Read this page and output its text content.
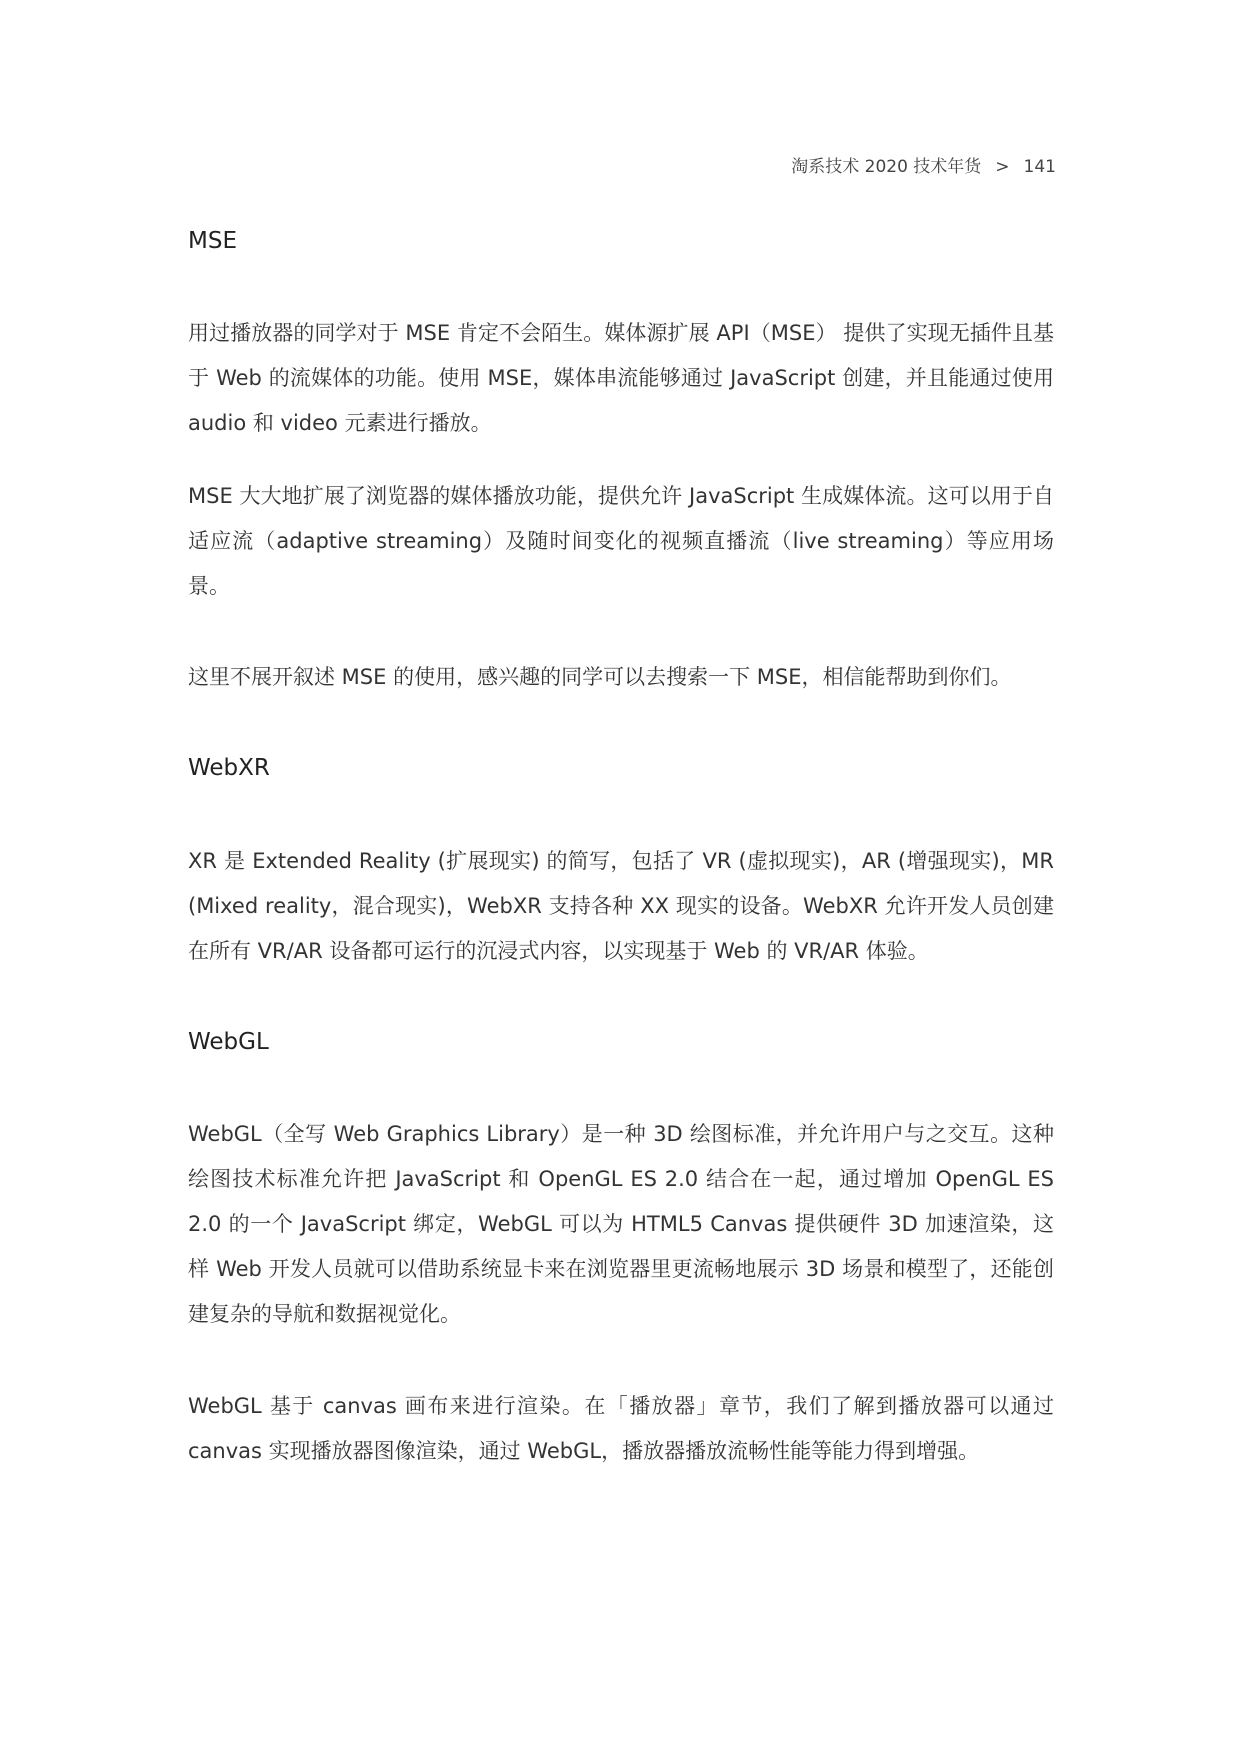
淘系技术 2020 技术年货 > 141
MSE

用过播放器的同学对于 MSE 肯定不会陌生。媒体源扩展 API（MSE） 提供了实现无插件且基于 Web 的流媒体的功能。使用 MSE，媒体串流能够通过 JavaScript 创建，并且能通过使用 audio 和 video 元素进行播放。

MSE 大大地扩展了浏览器的媒体播放功能，提供允许 JavaScript 生成媒体流。这可以用于自适应流（adaptive streaming）及随时间变化的视频直播流（live streaming）等应用场景。

这里不展开叙述 MSE 的使用，感兴趣的同学可以去搜索一下 MSE，相信能帮助到你们。

WebXR

XR 是 Extended Reality (扩展现实) 的简写，包括了 VR (虚拟现实)，AR (增强现实)，MR (Mixed reality，混合现实)，WebXR 支持各种 XX 现实的设备。WebXR 允许开发人员创建在所有 VR/AR 设备都可运行的沉浸式内容，以实现基于 Web 的 VR/AR 体验。

WebGL

WebGL（全写 Web Graphics Library）是一种 3D 绘图标准，并允许用户与之交互。这种绘图技术标准允许把 JavaScript 和 OpenGL ES 2.0 结合在一起，通过增加 OpenGL ES 2.0 的一个 JavaScript 绑定，WebGL 可以为 HTML5 Canvas 提供硬件 3D 加速渲染，这样 Web 开发人员就可以借助系统显卡来在浏览器里更流畅地展示 3D 场景和模型了，还能创建复杂的导航和数据视觉化。

WebGL 基于 canvas 画布来进行渲染。在「播放器」章节，我们了解到播放器可以通过 canvas 实现播放器图像渲染，通过 WebGL，播放器播放流畅性能等能力得到增强。
